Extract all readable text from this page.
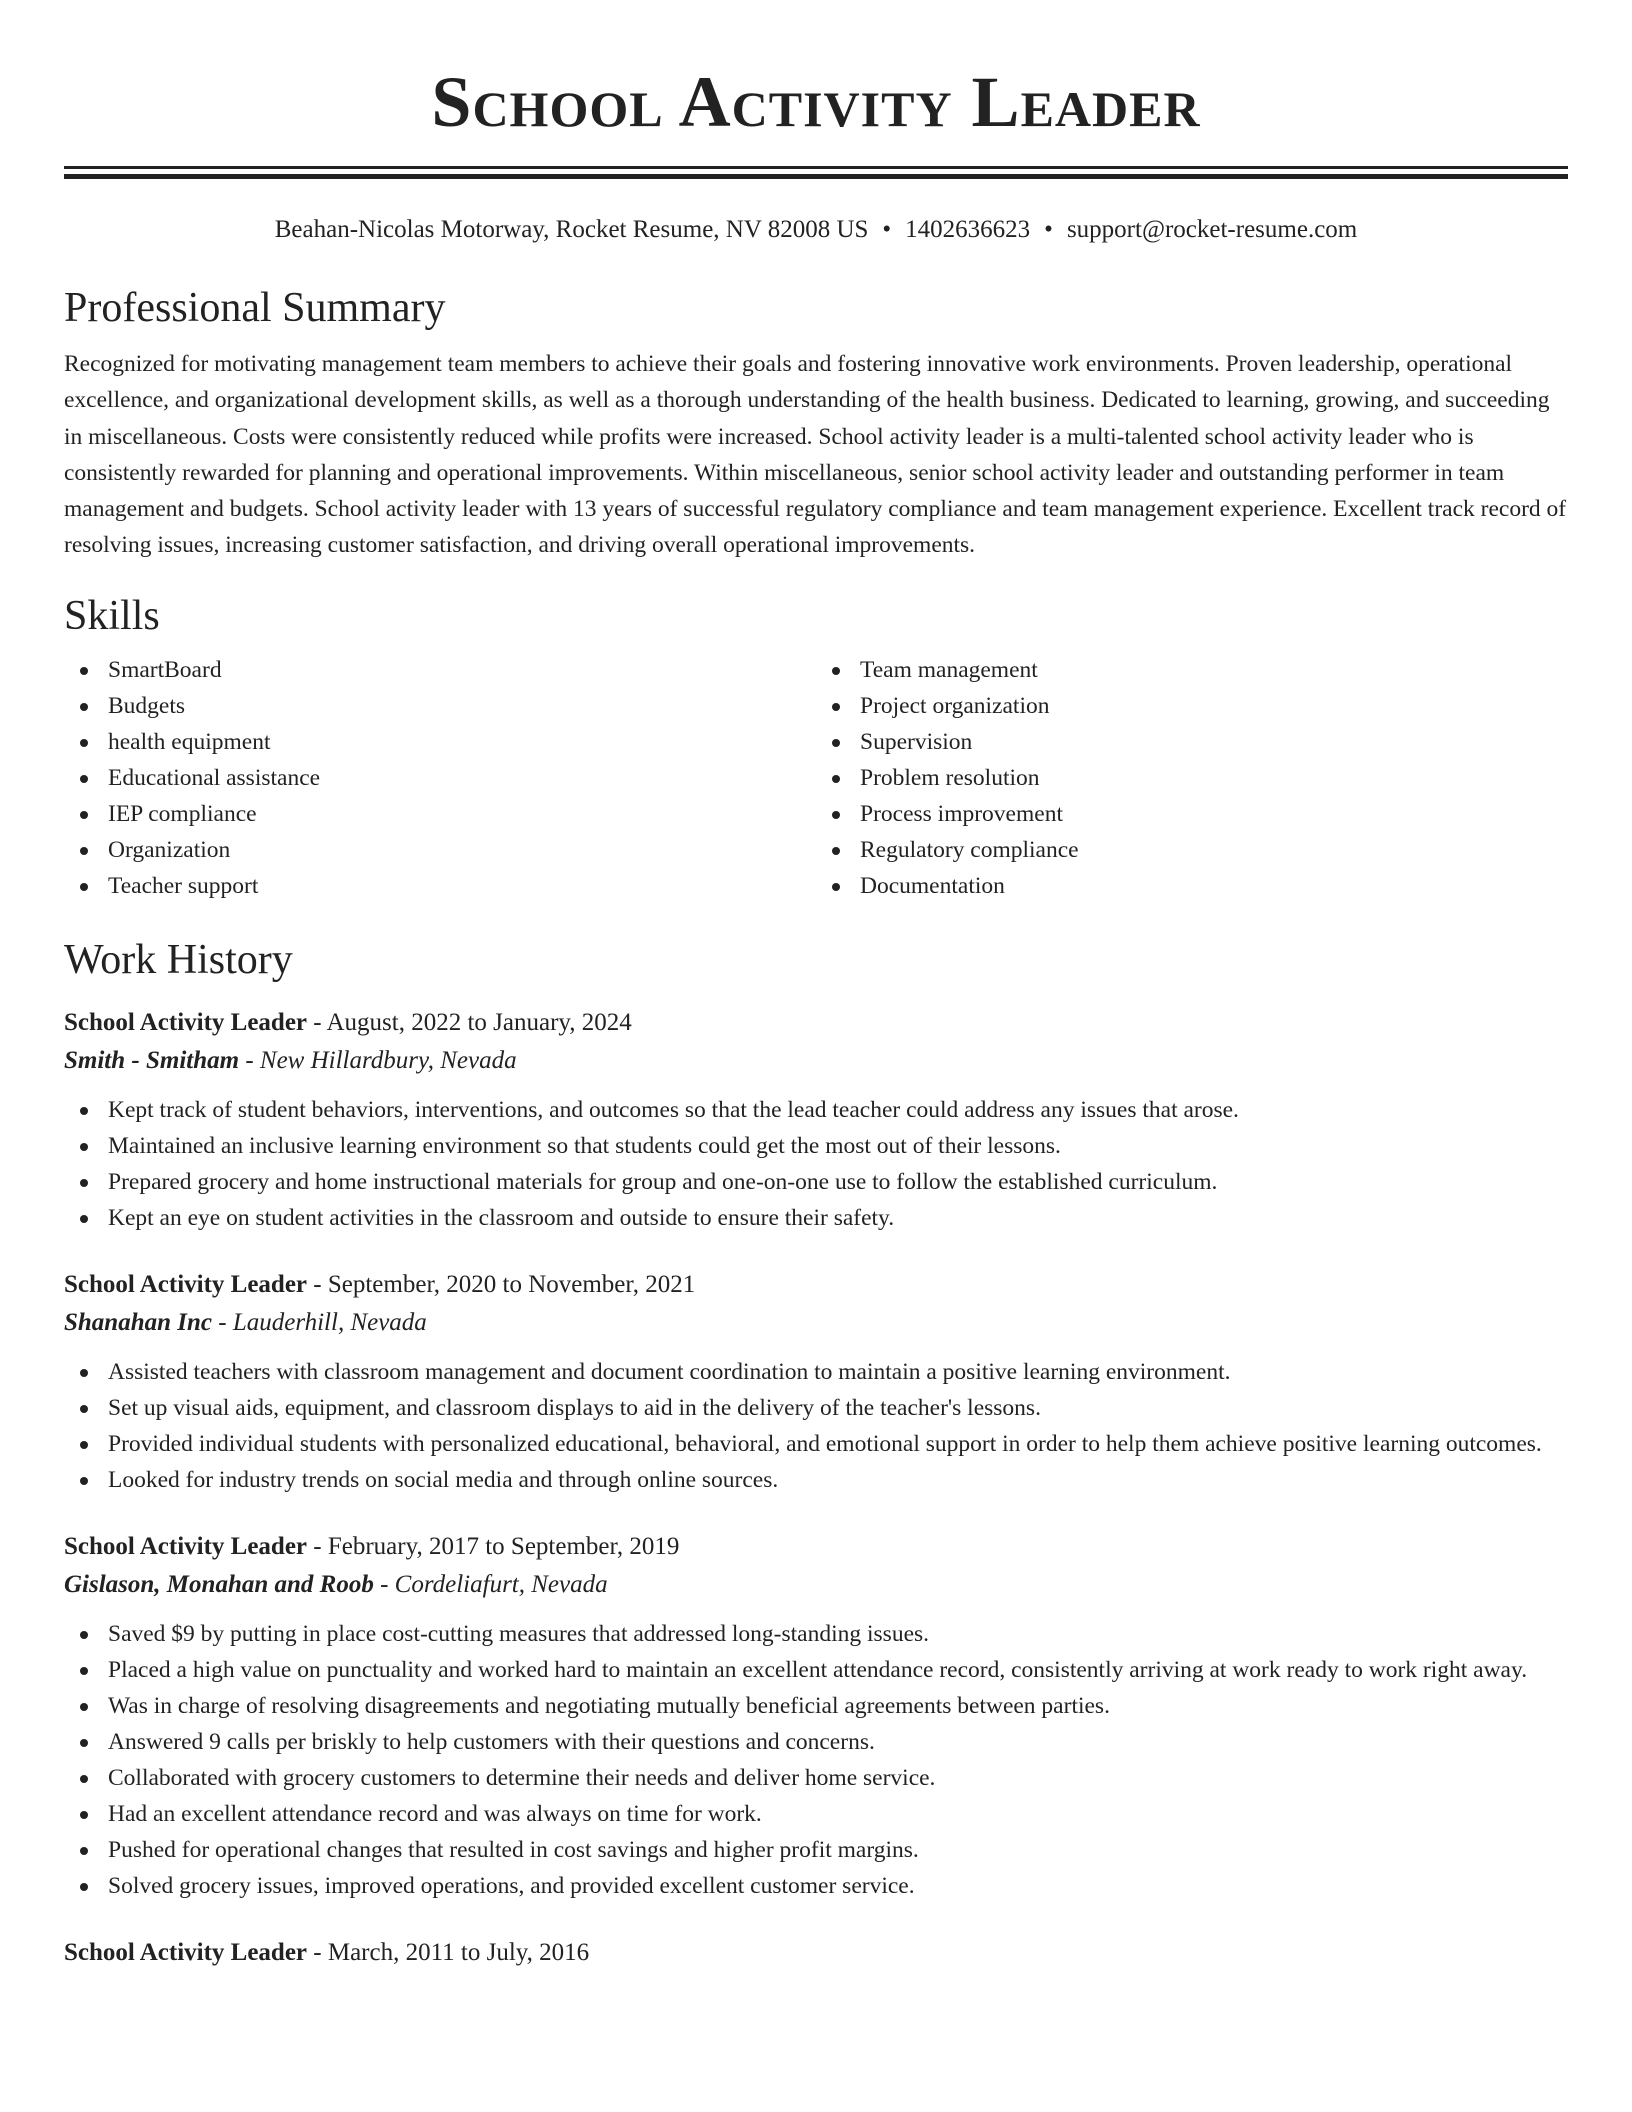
School Activity Leader
Beahan-Nicolas Motorway, Rocket Resume, NV 82008 US • 1402636623 • support@rocket-resume.com
Professional Summary
Recognized for motivating management team members to achieve their goals and fostering innovative work environments. Proven leadership, operational excellence, and organizational development skills, as well as a thorough understanding of the health business. Dedicated to learning, growing, and succeeding in miscellaneous. Costs were consistently reduced while profits were increased. School activity leader is a multi-talented school activity leader who is consistently rewarded for planning and operational improvements. Within miscellaneous, senior school activity leader and outstanding performer in team management and budgets. School activity leader with 13 years of successful regulatory compliance and team management experience. Excellent track record of resolving issues, increasing customer satisfaction, and driving overall operational improvements.
Skills
SmartBoard
Budgets
health equipment
Educational assistance
IEP compliance
Organization
Teacher support
Team management
Project organization
Supervision
Problem resolution
Process improvement
Regulatory compliance
Documentation
Work History
School Activity Leader - August, 2022 to January, 2024
Smith - Smitham - New Hillardbury, Nevada
Kept track of student behaviors, interventions, and outcomes so that the lead teacher could address any issues that arose.
Maintained an inclusive learning environment so that students could get the most out of their lessons.
Prepared grocery and home instructional materials for group and one-on-one use to follow the established curriculum.
Kept an eye on student activities in the classroom and outside to ensure their safety.
School Activity Leader - September, 2020 to November, 2021
Shanahan Inc - Lauderhill, Nevada
Assisted teachers with classroom management and document coordination to maintain a positive learning environment.
Set up visual aids, equipment, and classroom displays to aid in the delivery of the teacher's lessons.
Provided individual students with personalized educational, behavioral, and emotional support in order to help them achieve positive learning outcomes.
Looked for industry trends on social media and through online sources.
School Activity Leader - February, 2017 to September, 2019
Gislason, Monahan and Roob - Cordeliafurt, Nevada
Saved $9 by putting in place cost-cutting measures that addressed long-standing issues.
Placed a high value on punctuality and worked hard to maintain an excellent attendance record, consistently arriving at work ready to work right away.
Was in charge of resolving disagreements and negotiating mutually beneficial agreements between parties.
Answered 9 calls per briskly to help customers with their questions and concerns.
Collaborated with grocery customers to determine their needs and deliver home service.
Had an excellent attendance record and was always on time for work.
Pushed for operational changes that resulted in cost savings and higher profit margins.
Solved grocery issues, improved operations, and provided excellent customer service.
School Activity Leader - March, 2011 to July, 2016
